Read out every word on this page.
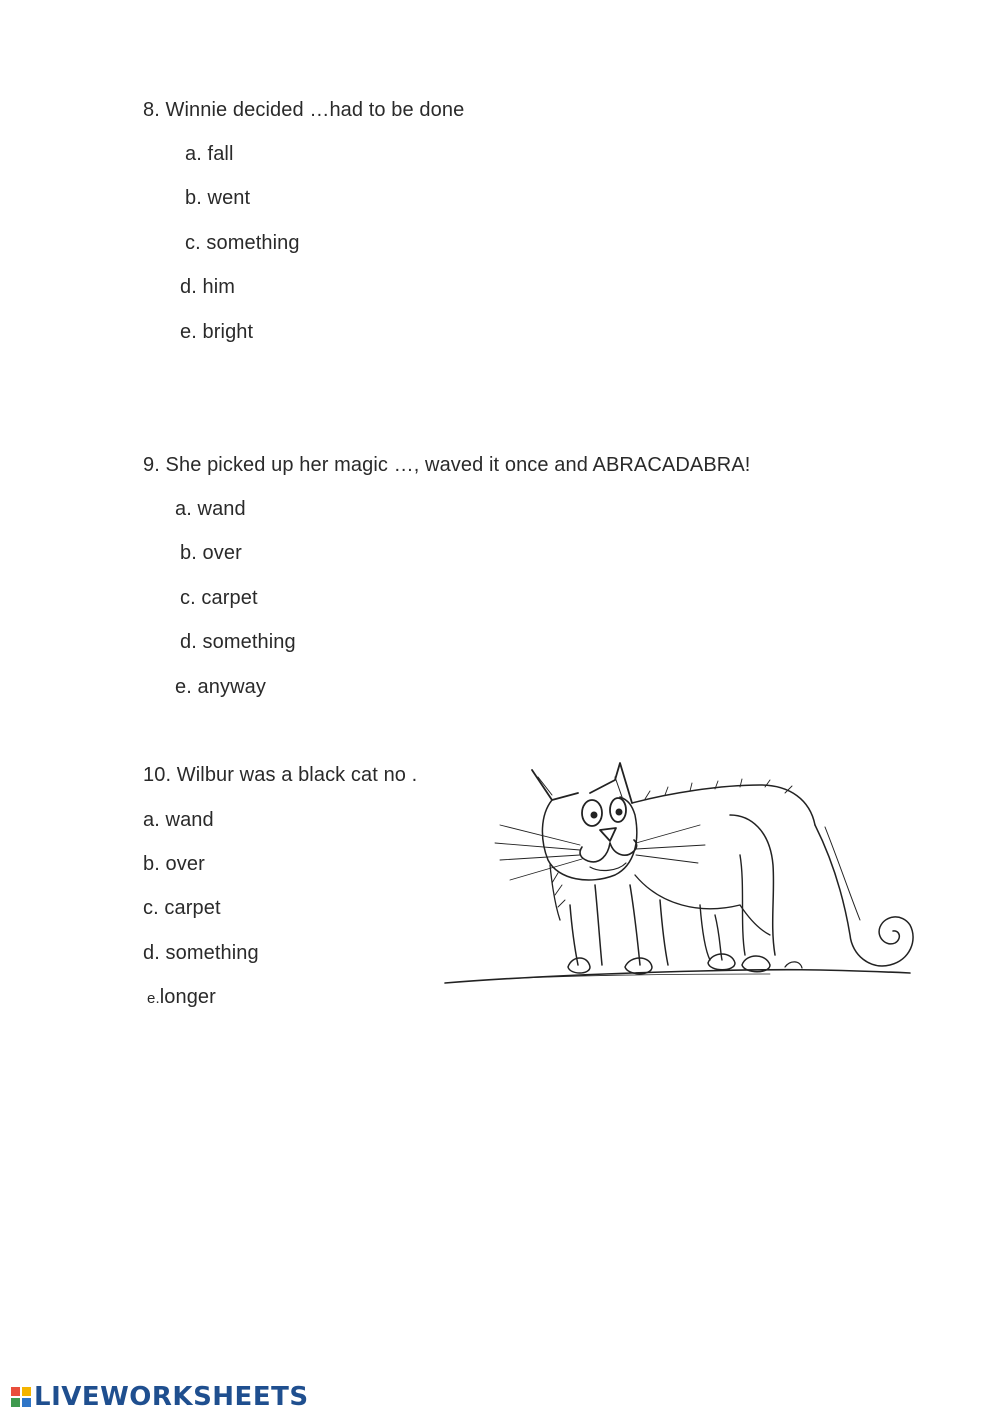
8. Winnie decided …had to be done
a. fall
b. went
c. something
d. him
e. bright
9. She picked up her magic …, waved it once and ABRACADABRA!
a. wand
b. over
c. carpet
d. something
e. anyway
10. Wilbur was a black cat no .
a. wand
b. over
c. carpet
d. something
e.longer
LIVEWORKSHEETS
